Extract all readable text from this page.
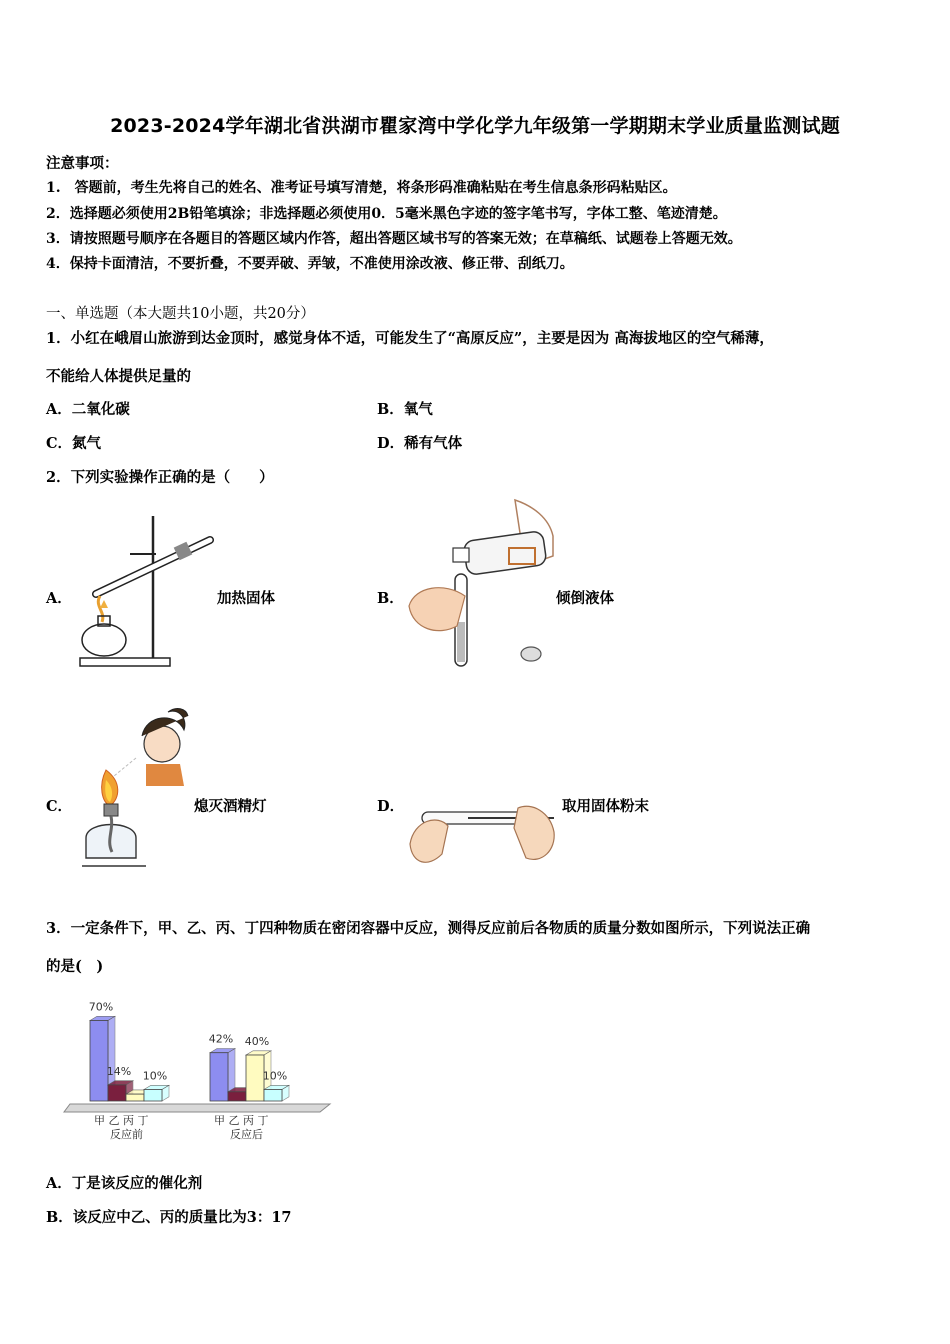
2023-2024学年湖北省洪湖市瞿家湾中学化学九年级第一学期期末学业质量监测试题
注意事项：
1.　答题前，考生先将自己的姓名、准考证号填写清楚，将条形码准确粘贴在考生信息条形码粘贴区。
2．选择题必须使用2B铅笔填涂；非选择题必须使用0．5毫米黑色字迹的签字笔书写，字体工整、笔迹清楚。
3．请按照题号顺序在各题目的答题区域内作答，超出答题区域书写的答案无效；在草稿纸、试题卷上答题无效。
4．保持卡面清洁，不要折叠，不要弄破、弄皱，不准使用涂改液、修正带、刮纸刀。
一、单选题（本大题共10小题，共20分）
1．小红在峨眉山旅游到达金顶时，感觉身体不适，可能发生了“高原反应”，主要是因为 高海拔地区的空气稀薄，
不能给人体提供足量的
A．二氧化碳	B．氧气
C．氮气	D．稀有气体
2．下列实验操作正确的是（　　）
A．	加热固体	B．	倾倒液体
C．	熄灭酒精灯	D．	取用固体粉末
3．一定条件下，甲、乙、丙、丁四种物质在密闭容器中反应，测得反应前后各物质的质量分数如图所示，下列说法正确
的是(　)
70%
14% 10%
甲 乙 丙 丁
反应前
42% 40%
10%
甲 乙 丙 丁
反应后
A．丁是该反应的催化剂
B．该反应中乙、丙的质量比为3：17
